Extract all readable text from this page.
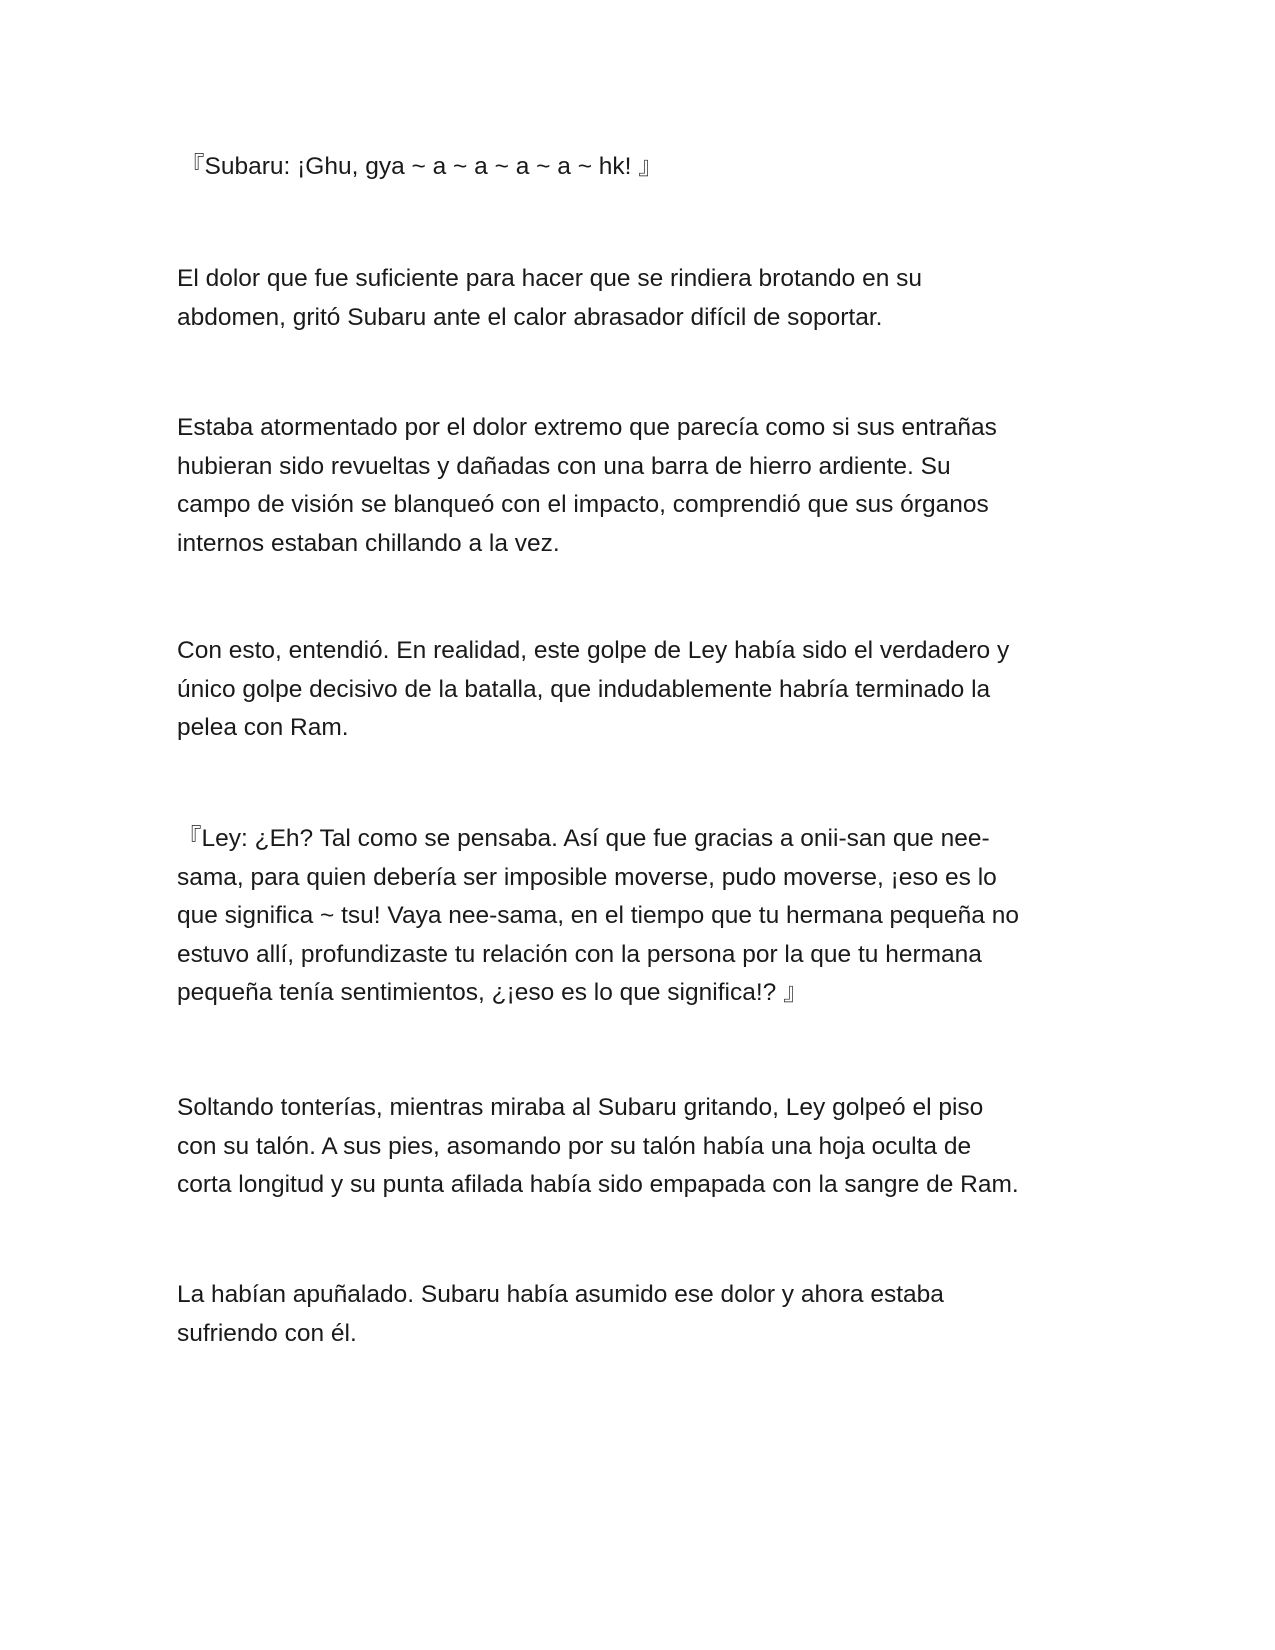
『Subaru: ¡Ghu, gya ~ a ~ a ~ a ~ a ~ hk! 』

El dolor que fue suficiente para hacer que se rindiera brotando en su
abdomen, gritó Subaru ante el calor abrasador difícil de soportar.

Estaba atormentado por el dolor extremo que parecía como si sus entrañas
hubieran sido revueltas y dañadas con una barra de hierro ardiente. Su
campo de visión se blanqueó con el impacto, comprendió que sus órganos
internos estaban chillando a la vez.

Con esto, entendió. En realidad, este golpe de Ley había sido el verdadero y
único golpe decisivo de la batalla, que indudablemente habría terminado la
pelea con Ram.

『Ley: ¿Eh? Tal como se pensaba. Así que fue gracias a onii-san que nee-
sama, para quien debería ser imposible moverse, pudo moverse, ¡eso es lo
que significa ~ tsu! Vaya nee-sama, en el tiempo que tu hermana pequeña no
estuvo allí, profundizaste tu relación con la persona por la que tu hermana
pequeña tenía sentimientos, ¿¡eso es lo que significa!? 』

Soltando tonterías, mientras miraba al Subaru gritando, Ley golpeó el piso
con su talón. A sus pies, asomando por su talón había una hoja oculta de
corta longitud y su punta afilada había sido empapada con la sangre de Ram.

La habían apuñalado. Subaru había asumido ese dolor y ahora estaba
sufriendo con él.
